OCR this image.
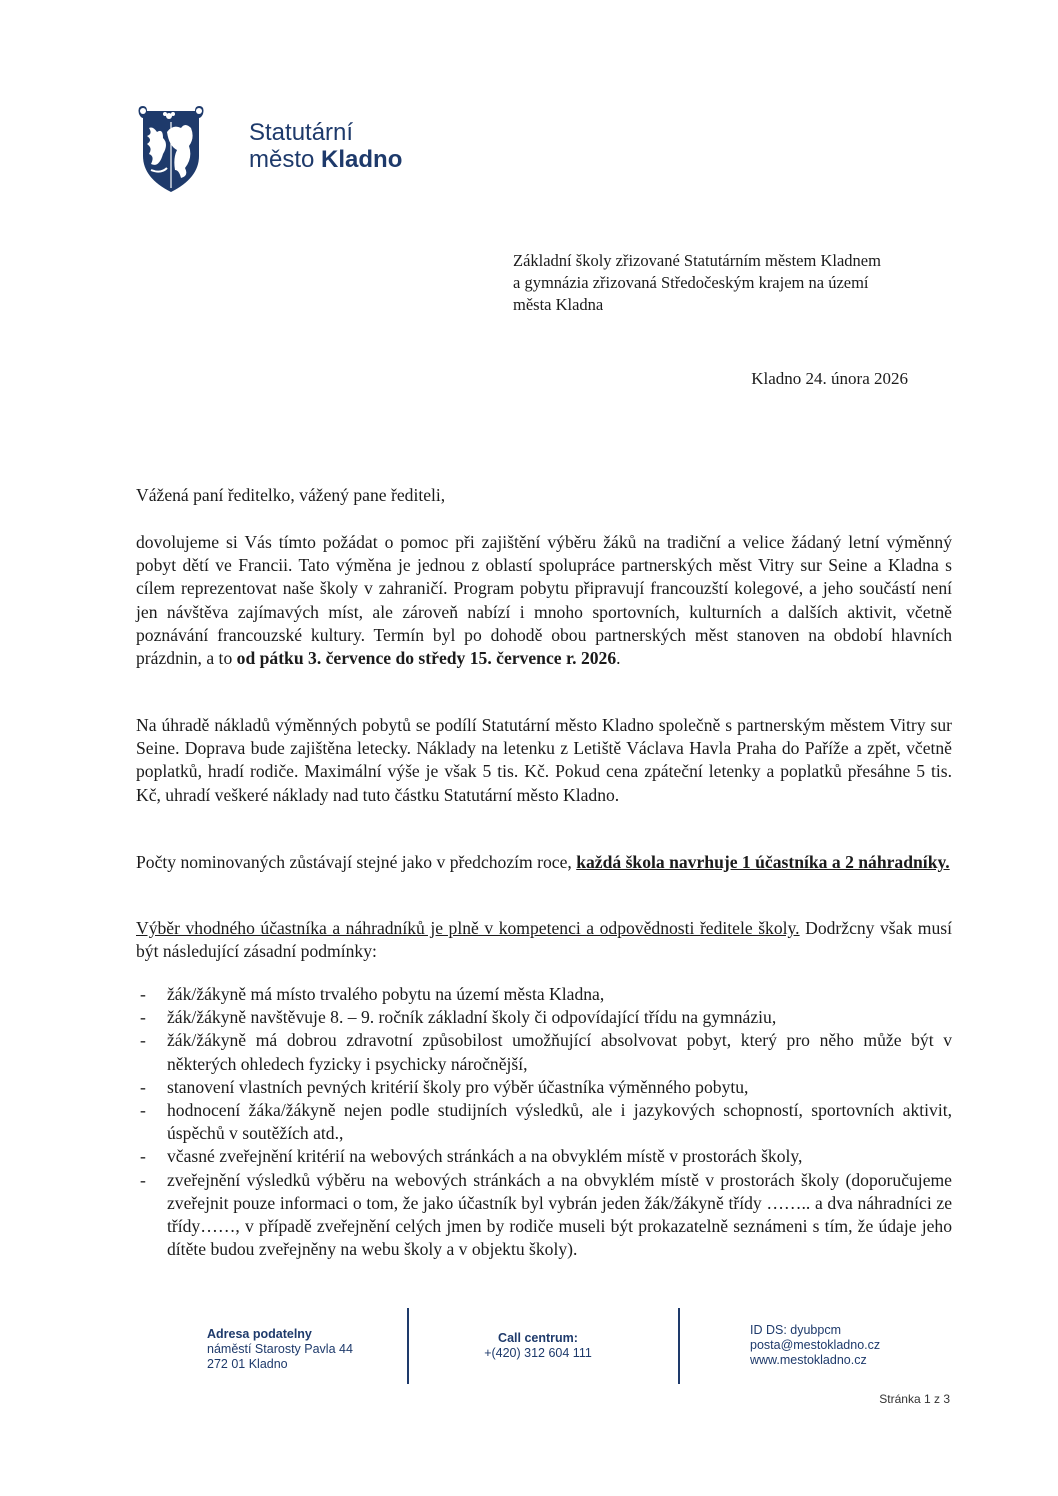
Statutární
město Kladno
Základní školy zřizované Statutárním městem Kladnem
a gymnázia zřizovaná Středočeským krajem na území
města Kladna
Kladno 24. února 2026
Vážená paní ředitelko, vážený pane řediteli,
dovolujeme si Vás tímto požádat o pomoc při zajištění výběru žáků na tradiční a velice žádaný letní výměnný pobyt dětí ve Francii. Tato výměna je jednou z oblastí spolupráce partnerských měst Vitry sur Seine a Kladna s cílem reprezentovat naše školy v zahraničí. Program pobytu připravují francouzští kolegové, a jeho součástí není jen návštěva zajímavých míst, ale zároveň nabízí i mnoho sportovních, kulturních a dalších aktivit, včetně poznávání francouzské kultury. Termín byl po dohodě obou partnerských měst stanoven na období hlavních prázdnin, a to od pátku 3. července do středy 15. července r. 2026.
Na úhradě nákladů výměnných pobytů se podílí Statutární město Kladno společně s partnerským městem Vitry sur Seine. Doprava bude zajištěna letecky. Náklady na letenku z Letiště Václava Havla Praha do Paříže a zpět, včetně poplatků, hradí rodiče. Maximální výše je však 5 tis. Kč. Pokud cena zpáteční letenky a poplatků přesáhne 5 tis. Kč, uhradí veškeré náklady nad tuto částku Statutární město Kladno.
Počty nominovaných zůstávají stejné jako v předchozím roce, každá škola navrhuje 1 účastníka a 2 náhradníky.
Výběr vhodného účastníka a náhradníků je plně v kompetenci a odpovědnosti ředitele školy. Dodržcny však musí být následující zásadní podmínky:
- žák/žákyně má místo trvalého pobytu na území města Kladna,
- žák/žákyně navštěvuje 8. – 9. ročník základní školy či odpovídající třídu na gymnáziu,
- žák/žákyně má dobrou zdravotní způsobilost umožňující absolvovat pobyt, který pro něho může být v některých ohledech fyzicky i psychicky náročnější,
- stanovení vlastních pevných kritérií školy pro výběr účastníka výměnného pobytu,
- hodnocení žáka/žákyně nejen podle studijních výsledků, ale i jazykových schopností, sportovních aktivit, úspěchů v soutěžích atd.,
- včasné zveřejnění kritérií na webových stránkách a na obvyklém místě v prostorách školy,
- zveřejnění výsledků výběru na webových stránkách a na obvyklém místě v prostorách školy (doporučujeme zveřejnit pouze informaci o tom, že jako účastník byl vybrán jeden žák/žákyně třídy …….. a dva náhradníci ze třídy……, v případě zveřejnění celých jmen by rodiče museli být prokazatelně seznámeni s tím, že údaje jeho dítěte budou zveřejněny na webu školy a v objektu školy).
Adresa podatelny
náměstí Starosty Pavla 44
272 01 Kladno
Call centrum:
+(420) 312 604 111
ID DS: dyubpcm
posta@mestokladno.cz
www.mestokladno.cz
Stránka 1 z 3
